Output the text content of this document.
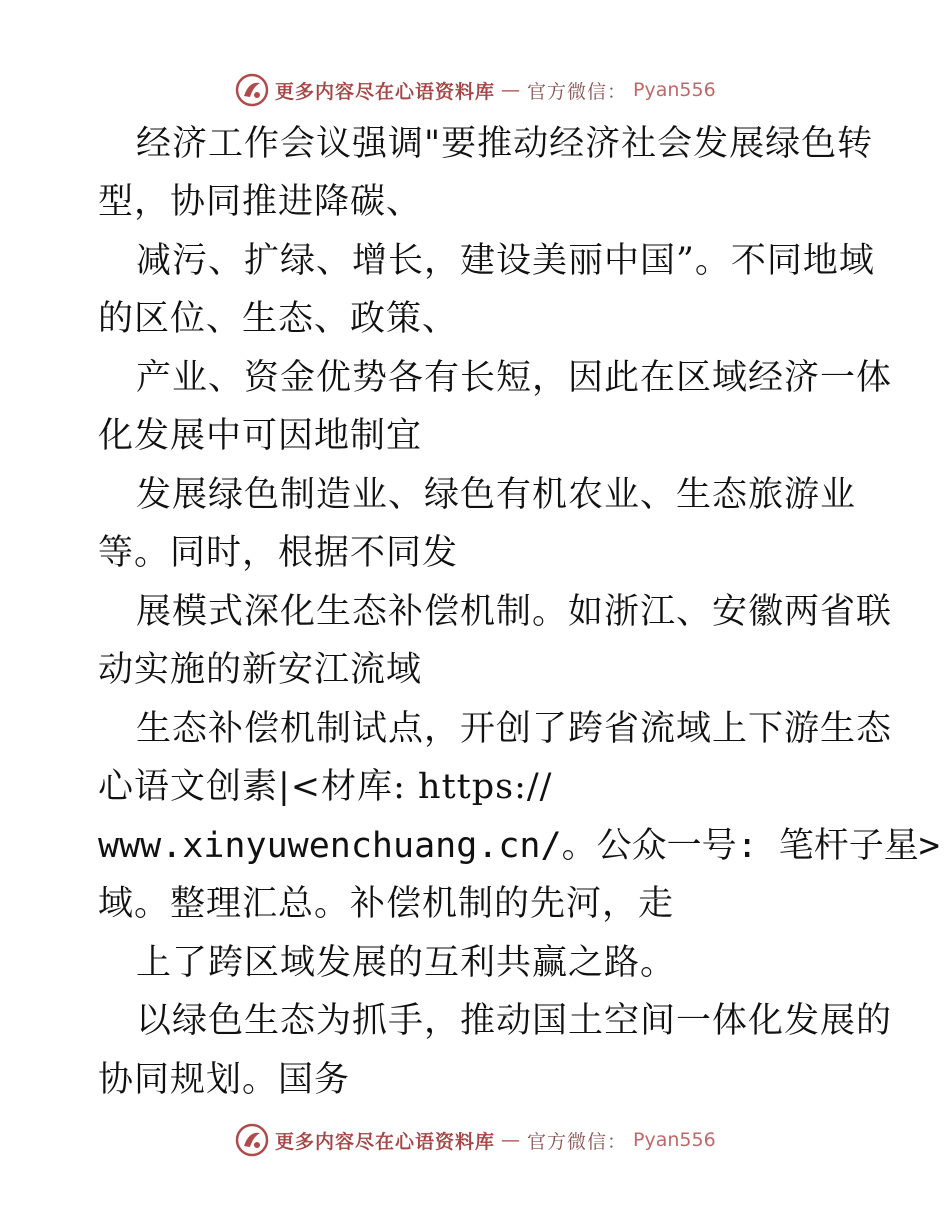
更多内容尽在心语资料库 — 官方微信： Pyan556
经济工作会议强调"要推动经济社会发展绿色转
型，协同推进降碳、
减污、扩绿、增长，建设美丽中国”。不同地域
的区位、生态、政策、
产业、资金优势各有长短，因此在区域经济一体
化发展中可因地制宜
发展绿色制造业、绿色有机农业、生态旅游业
等。同时，根据不同发
展模式深化生态补偿机制。如浙江、安徽两省联
动实施的新安江流域
生态补偿机制试点，开创了跨省流域上下游生态
心语文创素|<材库: https://
www.xinyuwenchuang.cn/。公众一号: 笔杆子星>
域。整理汇总。补偿机制的先河，走
上了跨区域发展的互利共赢之路。
以绿色生态为抓手，推动国土空间一体化发展的
协同规划。国务
更多内容尽在心语资料库 — 官方微信： Pyan556
